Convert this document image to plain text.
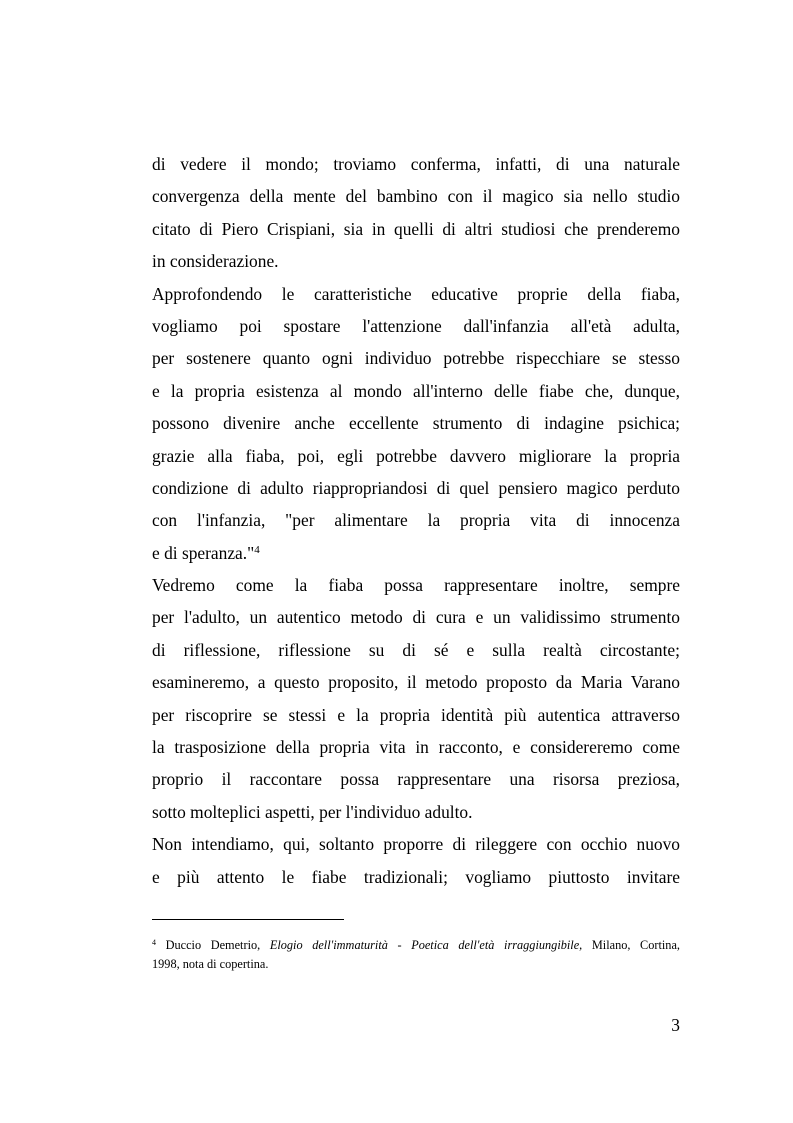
di vedere il mondo; troviamo conferma, infatti, di una naturale
convergenza della mente del bambino con il magico sia nello studio
citato di Piero Crispiani, sia in quelli di altri studiosi che prenderemo
in considerazione.

Approfondendo le caratteristiche educative proprie della fiaba,
vogliamo poi spostare l'attenzione dall'infanzia all'età adulta,
per sostenere quanto ogni individuo potrebbe rispecchiare se stesso
e la propria esistenza al mondo all'interno delle fiabe che, dunque,
possono divenire anche eccellente strumento di indagine psichica;
grazie alla fiaba, poi, egli potrebbe davvero migliorare la propria
condizione di adulto riappropriandosi di quel pensiero magico perduto
con l'infanzia, "per alimentare la propria vita di innocenza
e di speranza."$^4$

Vedremo come la fiaba possa rappresentare inoltre, sempre
per l'adulto, un autentico metodo di cura e un validissimo strumento
di riflessione, riflessione su di sé e sulla realtà circostante;
esamineremo, a questo proposito, il metodo proposto da Maria Varano
per riscoprire se stessi e la propria identità più autentica attraverso
la trasposizione della propria vita in racconto, e considereremo come
proprio il raccontare possa rappresentare una risorsa preziosa,
sotto molteplici aspetti, per l'individuo adulto.

Non intendiamo, qui, soltanto proporre di rileggere con occhio nuovo
e più attento le fiabe tradizionali; vogliamo piuttosto invitare

$^4$ Duccio Demetrio, Elogio dell'immaturità - Poetica dell'età irraggiungibile, Milano, Cortina,
1998, nota di copertina.
3
